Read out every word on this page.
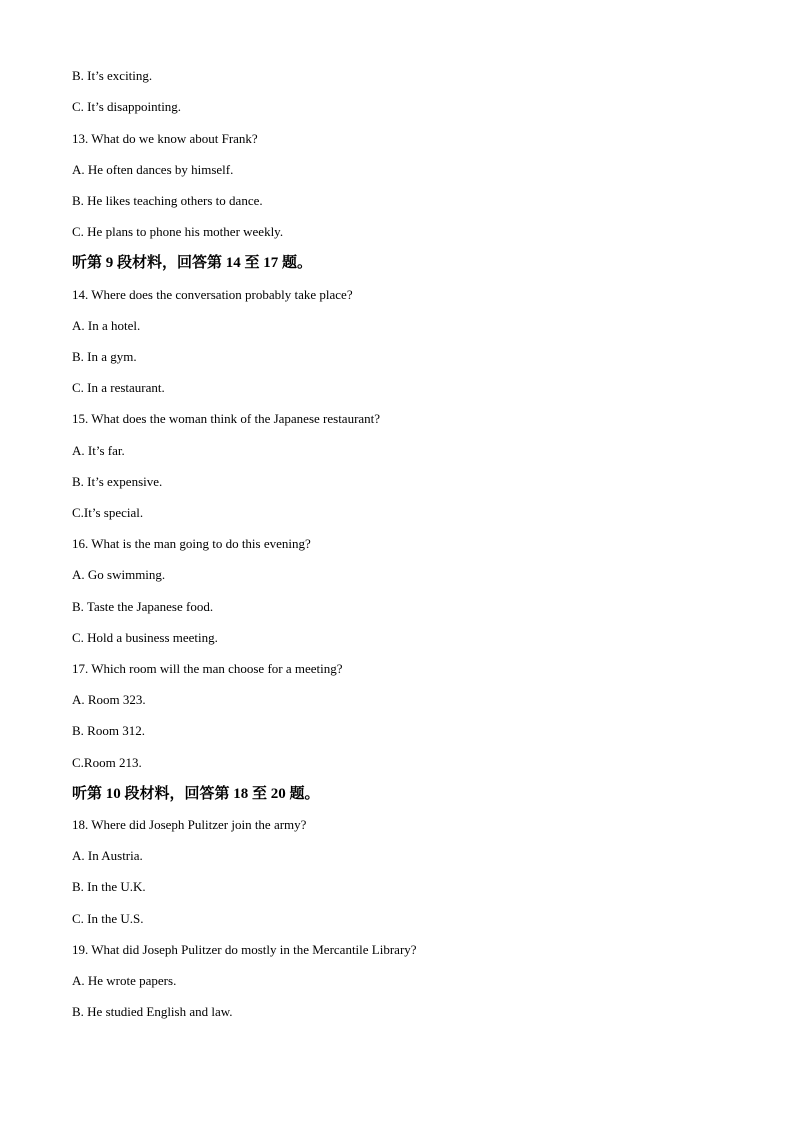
B. It’s exciting.
C. It’s disappointing.
13. What do we know about Frank?
A. He often dances by himself.
B. He likes teaching others to dance.
C. He plans to phone his mother weekly.
听第 9 段材料，回答第 14 至 17 题。
14. Where does the conversation probably take place?
A. In a hotel.
B. In a gym.
C. In a restaurant.
15. What does the woman think of the Japanese restaurant?
A. It’s far.
B. It’s expensive.
C.It’s special.
16. What is the man going to do this evening?
A. Go swimming.
B. Taste the Japanese food.
C. Hold a business meeting.
17. Which room will the man choose for a meeting?
A. Room 323.
B. Room 312.
C.Room 213.
听第 10 段材料，回答第 18 至 20 题。
18. Where did Joseph Pulitzer join the army?
A. In Austria.
B. In the U.K.
C. In the U.S.
19. What did Joseph Pulitzer do mostly in the Mercantile Library?
A. He wrote papers.
B. He studied English and law.
